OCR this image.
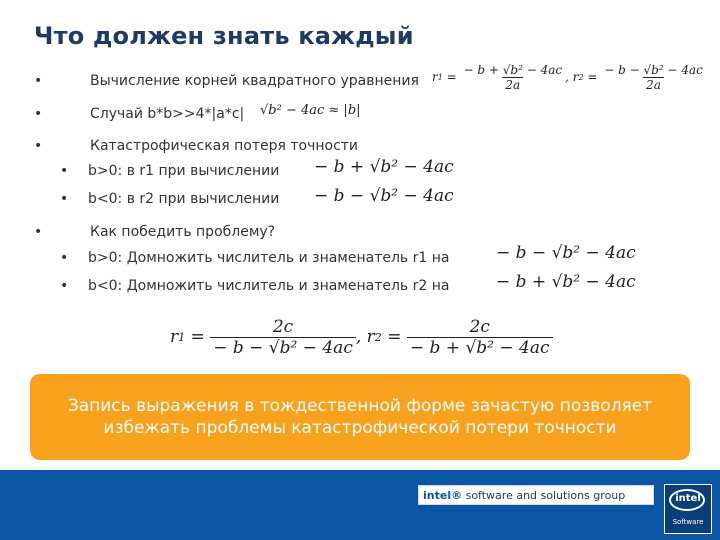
Что должен знать каждый
•	Вычисление корней квадратного уравнения r $1 = \frac{\text{− b + √b² − 4ac}}{2a}$ , r $2 = \frac{\text{− b − √b² − 4ac}}{2a}$
•	Случай b*b>>4*|a*c| √b² − 4ac ≈ |b|
•	Катастрофическая потеря точности
• b>0: в r1 при вычислении − b + √b² − 4ac
• b<0: в r2 при вычислении − b − √b² − 4ac
•	Как победить проблему?
• b>0: Домножить числитель и знаменатель r1 на	− b − √b² − 4ac
• b<0: Домножить числитель и знаменатель r2 на	− b + √b² − 4ac
r $1 = \frac{2c}{\text{− b − √b² − 4ac}}$ , r $2 = \frac{2c}{\text{− b + √b² − 4ac}}$
Запись выражения в тождественной форме зачастую позволяет избежать проблемы катастрофической потери точности
intel® software and solutions group	intel
Software
